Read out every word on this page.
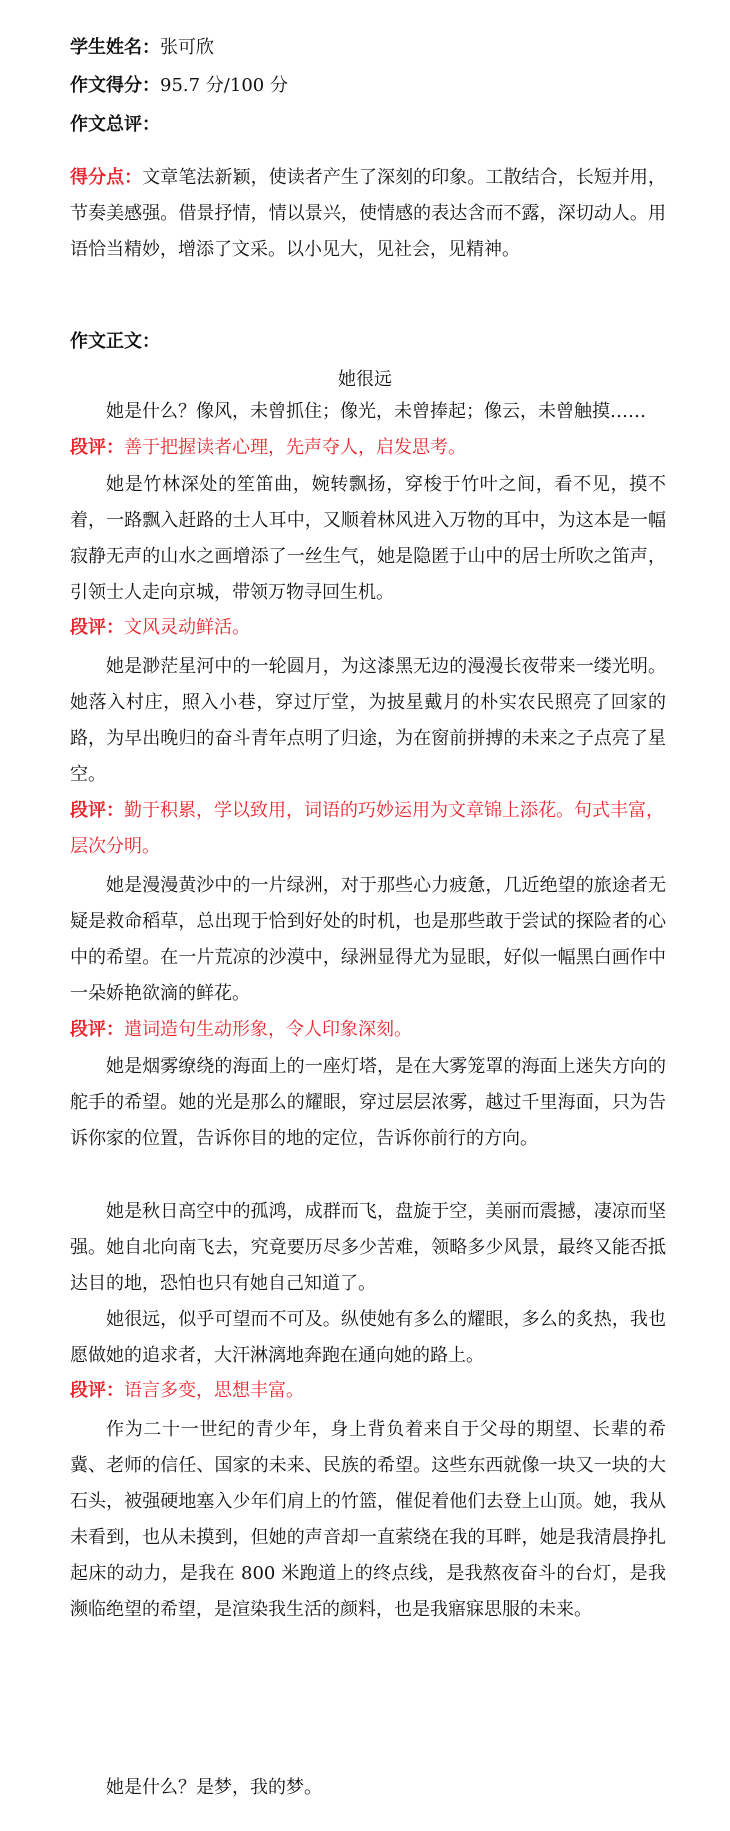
学生姓名：张可欣
作文得分：95.7 分/100 分
作文总评：
得分点：文章笔法新颖，使读者产生了深刻的印象。工散结合，长短并用，节奏美感强。借景抒情，情以景兴，使情感的表达含而不露，深切动人。用语恰当精妙，增添了文采。以小见大，见社会，见精神。
作文正文：
她很远
她是什么？像风，未曾抓住；像光，未曾捧起；像云，未曾触摸……
段评：善于把握读者心理，先声夺人，启发思考。
她是竹林深处的笙笛曲，婉转飘扬，穿梭于竹叶之间，看不见，摸不着，一路飘入赶路的士人耳中，又顺着林风进入万物的耳中，为这本是一幅寂静无声的山水之画增添了一丝生气，她是隐匿于山中的居士所吹之笛声，引领士人走向京城，带领万物寻回生机。
段评：文风灵动鲜活。
她是渺茫星河中的一轮圆月，为这漆黑无边的漫漫长夜带来一缕光明。她落入村庄，照入小巷，穿过厅堂，为披星戴月的朴实农民照亮了回家的路，为早出晚归的奋斗青年点明了归途，为在窗前拼搏的未来之子点亮了星空。
段评：勤于积累，学以致用，词语的巧妙运用为文章锦上添花。句式丰富，层次分明。
她是漫漫黄沙中的一片绿洲，对于那些心力疲惫，几近绝望的旅途者无疑是救命稻草，总出现于恰到好处的时机，也是那些敢于尝试的探险者的心中的希望。在一片荒凉的沙漠中，绿洲显得尤为显眼，好似一幅黑白画作中一朵娇艳欲滴的鲜花。
段评：遣词造句生动形象，令人印象深刻。
她是烟雾缭绕的海面上的一座灯塔，是在大雾笼罩的海面上迷失方向的舵手的希望。她的光是那么的耀眼，穿过层层浓雾，越过千里海面，只为告诉你家的位置，告诉你目的地的定位，告诉你前行的方向。
她是秋日高空中的孤鸿，成群而飞，盘旋于空，美丽而震撼，凄凉而坚强。她自北向南飞去，究竟要历尽多少苦难，领略多少风景，最终又能否抵达目的地，恐怕也只有她自己知道了。
她很远，似乎可望而不可及。纵使她有多么的耀眼，多么的炙热，我也愿做她的追求者，大汗淋漓地奔跑在通向她的路上。
段评：语言多变，思想丰富。
作为二十一世纪的青少年，身上背负着来自于父母的期望、长辈的希冀、老师的信任、国家的未来、民族的希望。这些东西就像一块又一块的大石头，被强硬地塞入少年们肩上的竹篮，催促着他们去登上山顶。她，我从未看到，也从未摸到，但她的声音却一直萦绕在我的耳畔，她是我清晨挣扎起床的动力，是我在 800 米跑道上的终点线，是我熬夜奋斗的台灯，是我濒临绝望的希望，是渲染我生活的颜料，也是我寤寐思服的未来。
她是什么？是梦，我的梦。
